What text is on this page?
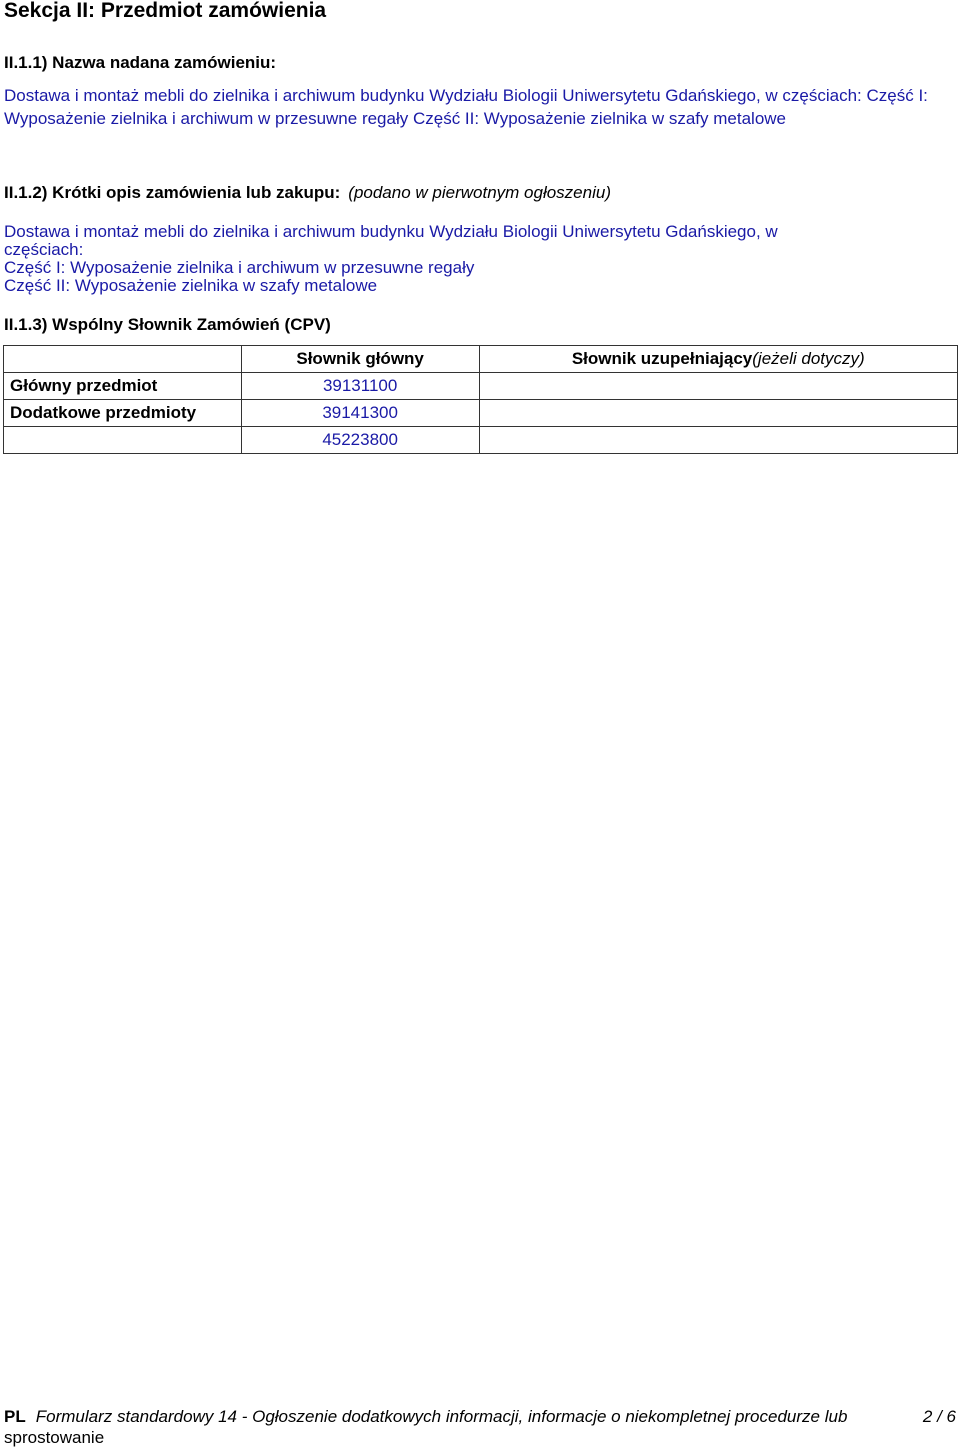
Sekcja II: Przedmiot zamówienia
II.1.1) Nazwa nadana zamówieniu:
Dostawa i montaż mebli do zielnika i archiwum budynku Wydziału Biologii Uniwersytetu Gdańskiego, w częściach: Część I: Wyposażenie zielnika i archiwum w przesuwne regały Część II: Wyposażenie zielnika w szafy metalowe
II.1.2) Krótki opis zamówienia lub zakupu: (podano w pierwotnym ogłoszeniu)
Dostawa i montaż mebli do zielnika i archiwum budynku Wydziału Biologii Uniwersytetu Gdańskiego, w
częściach:
Część I: Wyposażenie zielnika i archiwum w przesuwne regały
Część II: Wyposażenie zielnika w szafy metalowe
II.1.3) Wspólny Słownik Zamówień (CPV)
	Słownik główny	Słownik uzupełniający(jeżeli dotyczy)
Główny przedmiot	39131100	
Dodatkowe przedmioty	39141300	
	45223800	
PL Formularz standardowy 14 - Ogłoszenie dodatkowych informacji, informacje o niekompletnej procedurze lub
sprostowanie
2 / 6
